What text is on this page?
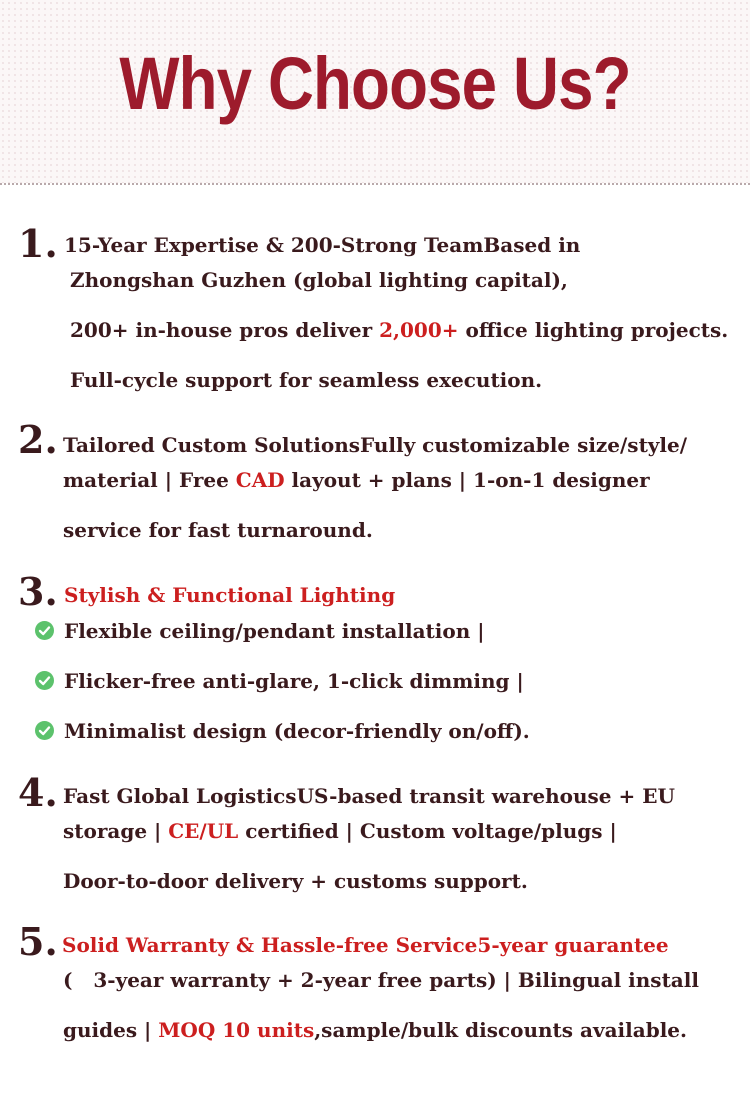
Why Choose Us?
1. 15-Year Expertise & 200-Strong TeamBased in
Zhongshan Guzhen (global lighting capital),
200+ in-house pros deliver 2,000+ office lighting projects.
Full-cycle support for seamless execution.
2. Tailored Custom SolutionsFully customizable size/style/
material | Free CAD layout + plans | 1-on-1 designer
service for fast turnaround.
3. Stylish & Functional Lighting
Flexible ceiling/pendant installation |
Flicker-free anti-glare, 1-click dimming |
Minimalist design (decor-friendly on/off).
4. Fast Global LogisticsUS-based transit warehouse + EU
storage | CE/UL certified | Custom voltage/plugs |
Door-to-door delivery + customs support.
5. Solid Warranty & Hassle-free Service5-year guarantee
(   3-year warranty + 2-year free parts) | Bilingual install
guides | MOQ 10 units,sample/bulk discounts available.
